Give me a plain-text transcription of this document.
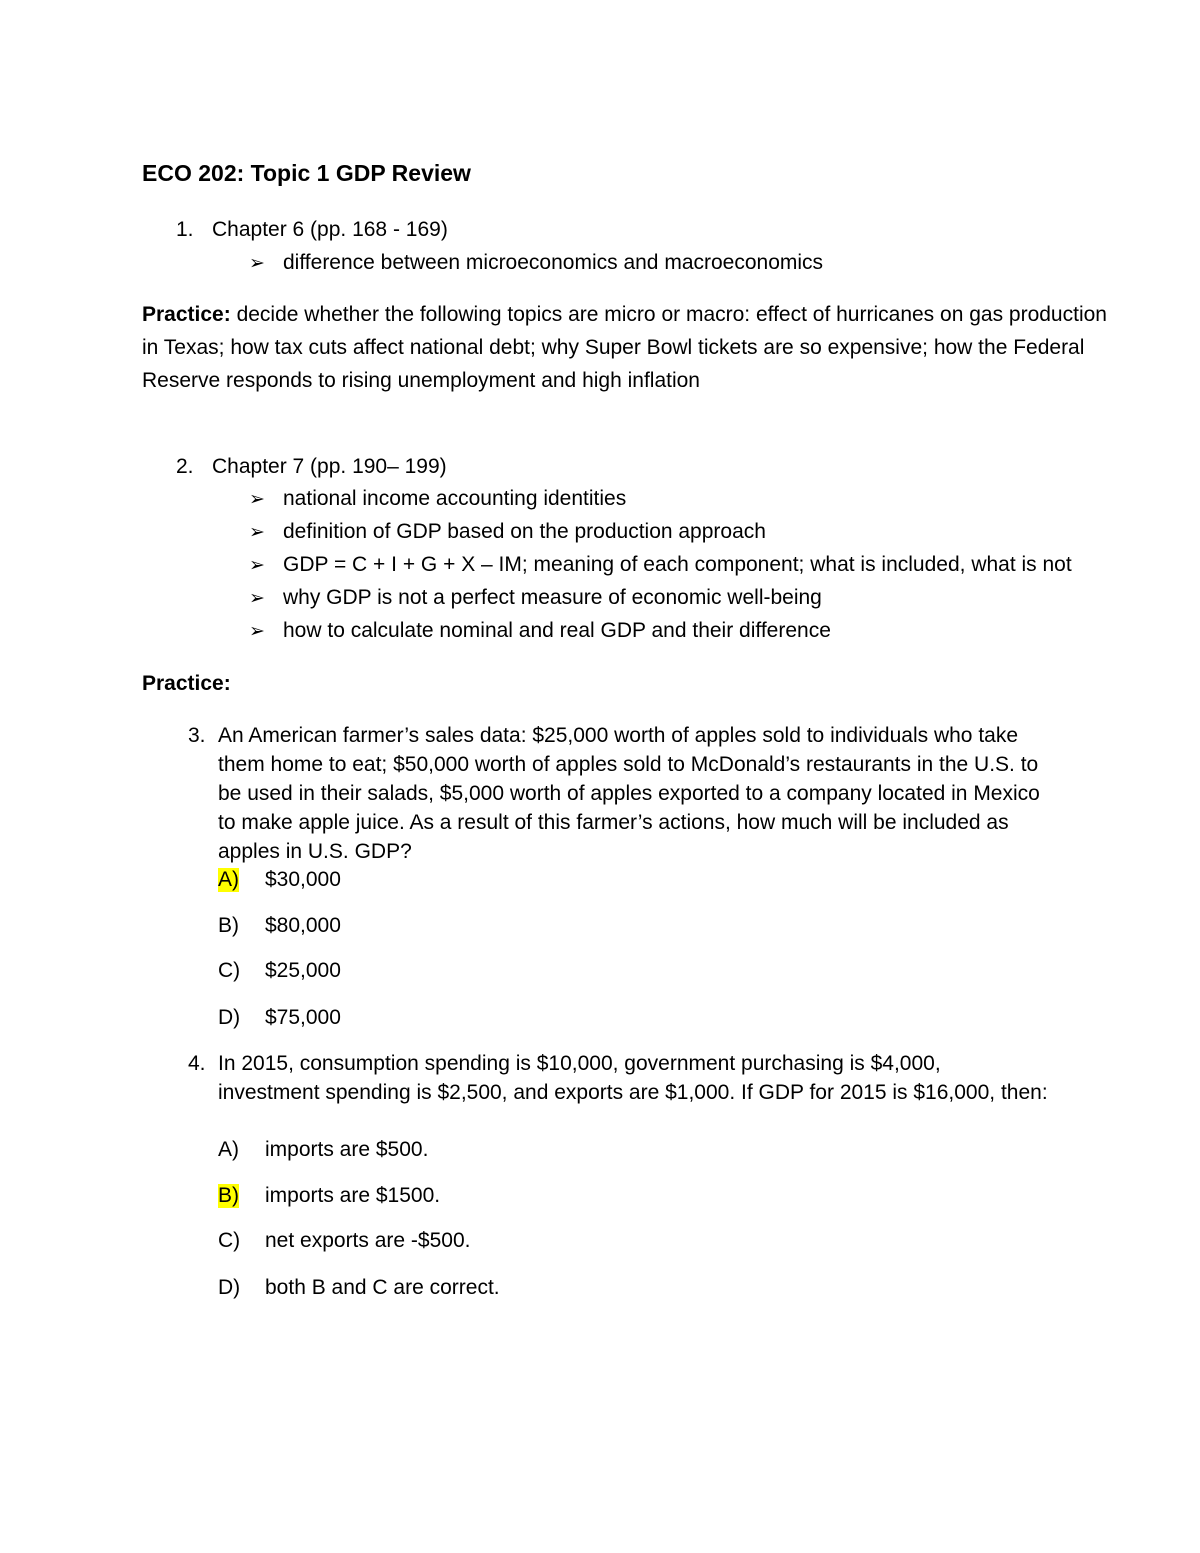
ECO 202: Topic 1 GDP Review
1. Chapter 6 (pp. 168 - 169)
➢ difference between microeconomics and macroeconomics
Practice: decide whether the following topics are micro or macro: effect of hurricanes on gas production in Texas; how tax cuts affect national debt; why Super Bowl tickets are so expensive; how the Federal Reserve responds to rising unemployment and high inflation
2. Chapter 7 (pp. 190– 199)
➢ national income accounting identities
➢ definition of GDP based on the production approach
➢ GDP = C + I + G + X – IM; meaning of each component; what is included, what is not
➢ why GDP is not a perfect measure of economic well-being
➢ how to calculate nominal and real GDP and their difference
Practice:
3. An American farmer’s sales data: $25,000 worth of apples sold to individuals who take them home to eat; $50,000 worth of apples sold to McDonald’s restaurants in the U.S. to be used in their salads, $5,000 worth of apples exported to a company located in Mexico to make apple juice. As a result of this farmer’s actions, how much will be included as apples in U.S. GDP?
A) $30,000
B) $80,000
C) $25,000
D) $75,000
4. In 2015, consumption spending is $10,000, government purchasing is $4,000, investment spending is $2,500, and exports are $1,000. If GDP for 2015 is $16,000, then:
A) imports are $500.
B) imports are $1500.
C) net exports are -$500.
D) both B and C are correct.
